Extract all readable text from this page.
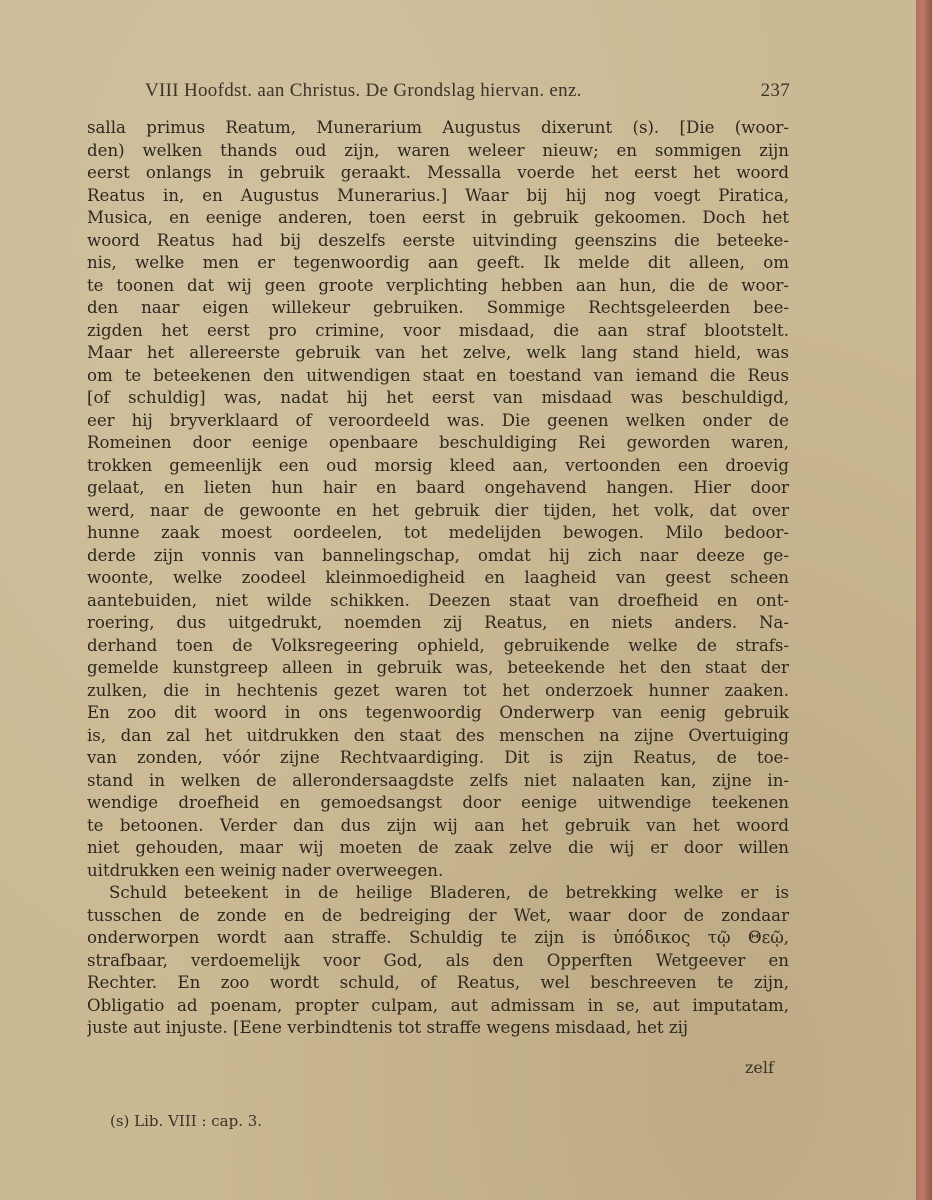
VIII Hoofdst. aan Christus. De Grondslag hiervan. enz.	237
salla primus Reatum, Munerarium Augustus dixerunt (s). [Die (woor-
den) welken thands oud zijn, waren weleer nieuw; en sommigen zijn
eerst onlangs in gebruik geraakt. Messalla voerde het eerst het woord
Reatus in, en Augustus Munerarius.] Waar bij hij nog voegt Piratica,
Musica, en eenige anderen, toen eerst in gebruik gekoomen. Doch het
woord Reatus had bij deszelfs eerste uitvinding geenszins die beteeke-
nis, welke men er tegenwoordig aan geeft. Ik melde dit alleen, om
te toonen dat wij geen groote verplichting hebben aan hun, die de woor-
den naar eigen willekeur gebruiken. Sommige Rechtsgeleerden bee-
zigden het eerst pro crimine, voor misdaad, die aan straf blootstelt.
Maar het allereerste gebruik van het zelve, welk lang stand hield, was
om te beteekenen den uitwendigen staat en toestand van iemand die Reus
[of schuldig] was, nadat hij het eerst van misdaad was beschuldigd,
eer hij bryverklaard of veroordeeld was. Die geenen welken onder de
Romeinen door eenige openbaare beschuldiging Rei geworden waren,
trokken gemeenlijk een oud morsig kleed aan, vertoonden een droevig
gelaat, en lieten hun hair en baard ongehavend hangen. Hier door
werd, naar de gewoonte en het gebruik dier tijden, het volk, dat over
hunne zaak moest oordeelen, tot medelijden bewogen. Milo bedoor-
derde zijn vonnis van bannelingschap, omdat hij zich naar deeze ge-
woonte, welke zoodeel kleinmoedigheid en laagheid van geest scheen
aantebuiden, niet wilde schikken. Deezen staat van droefheid en ont-
roering, dus uitgedrukt, noemden zij Reatus, en niets anders. Na-
derhand toen de Volksregeering ophield, gebruikende welke de strafs-
gemelde kunstgreep alleen in gebruik was, beteekende het den staat der
zulken, die in hechtenis gezet waren tot het onderzoek hunner zaaken.
En zoo dit woord in ons tegenwoordig Onderwerp van eenig gebruik
is, dan zal het uitdrukken den staat des menschen na zijne Overtuiging
van zonden, vóór zijne Rechtvaardiging. Dit is zijn Reatus, de toe-
stand in welken de allerondersaagdste zelfs niet nalaaten kan, zijne in-
wendige droefheid en gemoedsangst door eenige uitwendige teekenen
te betoonen. Verder dan dus zijn wij aan het gebruik van het woord
niet gehouden, maar wij moeten de zaak zelve die wij er door willen
uitdrukken een weinig nader overweegen.
Schuld beteekent in de heilige Bladeren, de betrekking welke er is
tusschen de zonde en de bedreiging der Wet, waar door de zondaar
onderworpen wordt aan straffe. Schuldig te zijn is ὑπόδικος τῷ Θεῷ,
strafbaar, verdoemelijk voor God, als den Opperften Wetgeever en
Rechter. En zoo wordt schuld, of Reatus, wel beschreeven te zijn,
Obligatio ad poenam, propter culpam, aut admissam in se, aut imputatam,
juste aut injuste. [Eene verbindtenis tot straffe wegens misdaad, het zij
zelf
(s) Lib. VIII : cap. 3.
